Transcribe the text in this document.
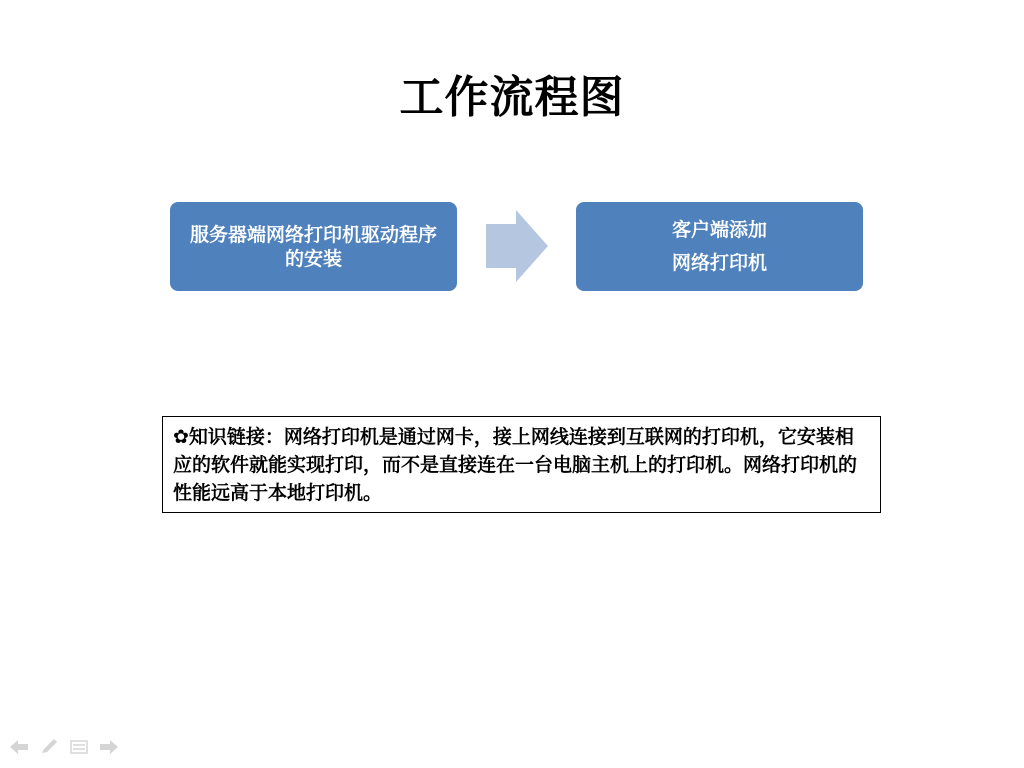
工作流程图
服务器端网络打印机驱动程序
的安装
客户端添加
网络打印机
✿知识链接：网络打印机是通过网卡，接上网线连接到互联网的打印机，它安装相应的软件就能实现打印，而不是直接连在一台电脑主机上的打印机。网络打印机的性能远高于本地打印机。
